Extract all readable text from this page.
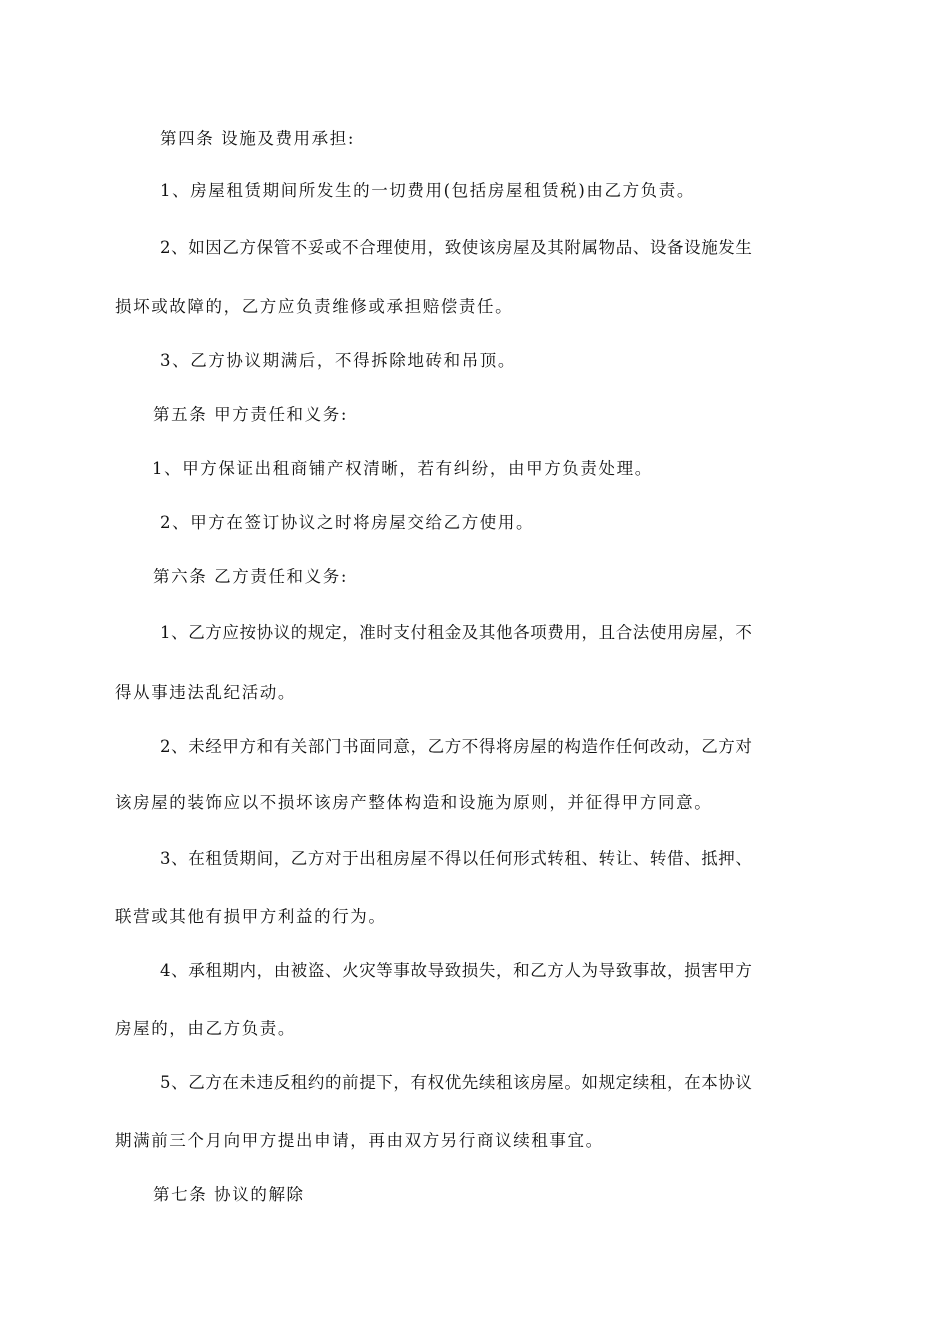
第四条 设施及费用承担:
1、房屋租赁期间所发生的一切费用(包括房屋租赁税)由乙方负责。
2、如因乙方保管不妥或不合理使用，致使该房屋及其附属物品、设备设施发生
损坏或故障的，乙方应负责维修或承担赔偿责任。
3、乙方协议期满后，不得拆除地砖和吊顶。
第五条 甲方责任和义务:
1、甲方保证出租商铺产权清晰，若有纠纷，由甲方负责处理。
2、甲方在签订协议之时将房屋交给乙方使用。
第六条 乙方责任和义务:
1、乙方应按协议的规定，准时支付租金及其他各项费用，且合法使用房屋，不
得从事违法乱纪活动。
2、未经甲方和有关部门书面同意，乙方不得将房屋的构造作任何改动，乙方对
该房屋的装饰应以不损坏该房产整体构造和设施为原则，并征得甲方同意。
3、在租赁期间，乙方对于出租房屋不得以任何形式转租、转让、转借、抵押、
联营或其他有损甲方利益的行为。
4、承租期内，由被盗、火灾等事故导致损失，和乙方人为导致事故，损害甲方
房屋的，由乙方负责。
5、乙方在未违反租约的前提下，有权优先续租该房屋。如规定续租，在本协议
期满前三个月向甲方提出申请，再由双方另行商议续租事宜。
第七条 协议的解除
